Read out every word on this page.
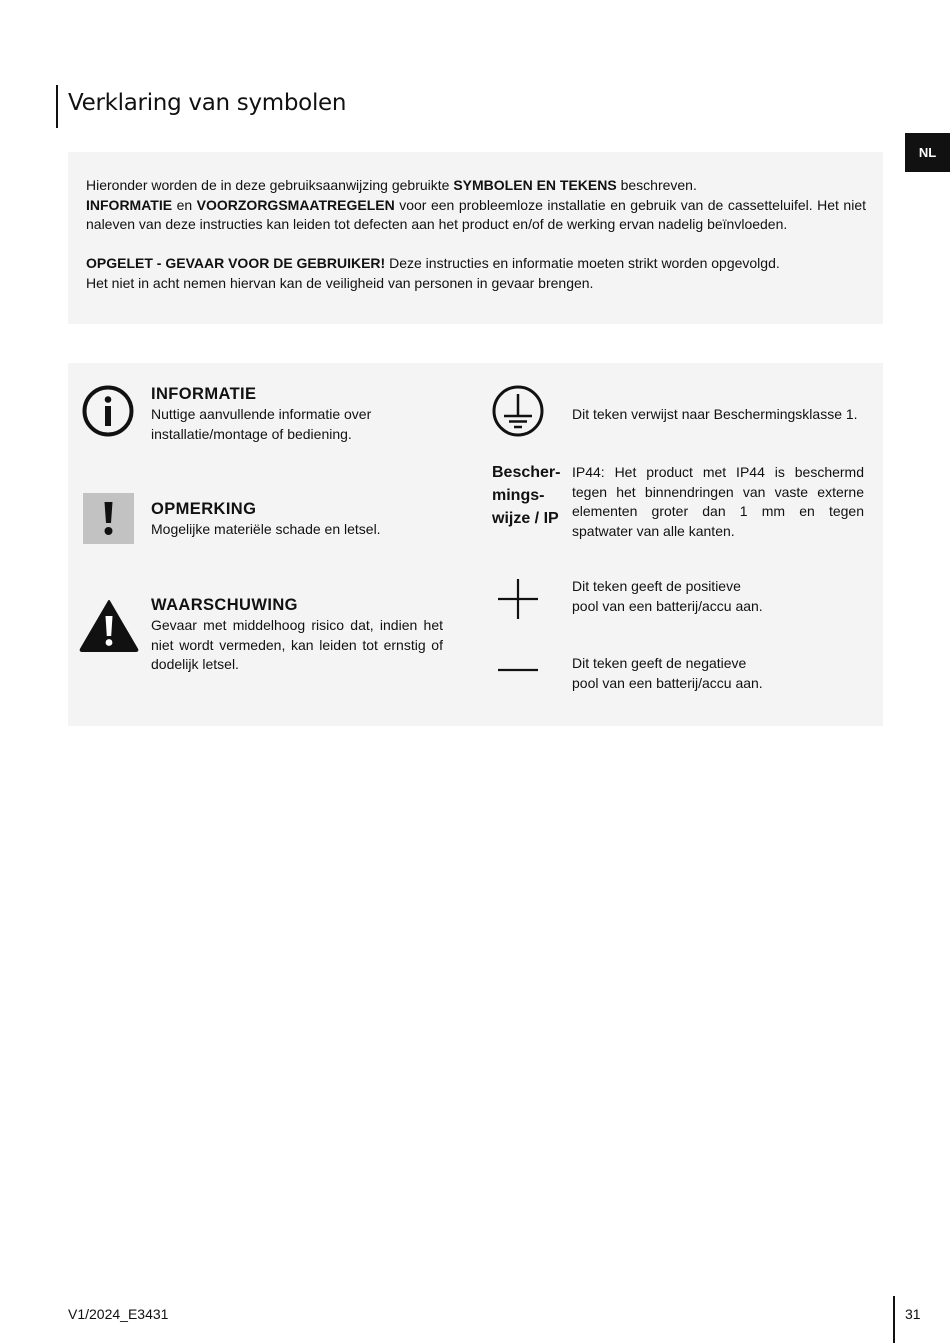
Verklaring van symbolen
NL

Hieronder worden de in deze gebruiksaanwijzing gebruikte SYMBOLEN EN TEKENS beschreven.
INFORMATIE en VOORZORGSMAATREGELEN voor een probleemloze installatie en gebruik van de cassetteluifel. Het niet naleven van deze instructies kan leiden tot defecten aan het product en/of de werking ervan nadelig beïnvloeden.

OPGELET - GEVAAR VOOR DE GEBRUIKER! Deze instructies en informatie moeten strikt worden opgevolgd.
Het niet in acht nemen hiervan kan de veiligheid van personen in gevaar brengen.

INFORMATIE
Nuttige aanvullende informatie over installatie/montage of bediening.
OPMERKING
Mogelijke materiële schade en letsel.
WAARSCHUWING
Gevaar met middelhoog risico dat, indien het niet wordt vermeden, kan leiden tot ernstig of dodelijk letsel.
Dit teken verwijst naar Beschermingsklasse 1.
Bescher-
mings-
wijze / IP
IP44: Het product met IP44 is beschermd tegen het binnendringen van vaste externe elementen groter dan 1 mm en tegen spatwater van alle kanten.
Dit teken geeft de positieve
pool van een batterij/accu aan.
Dit teken geeft de negatieve
pool van een batterij/accu aan.
V1/2024_E3431	31
